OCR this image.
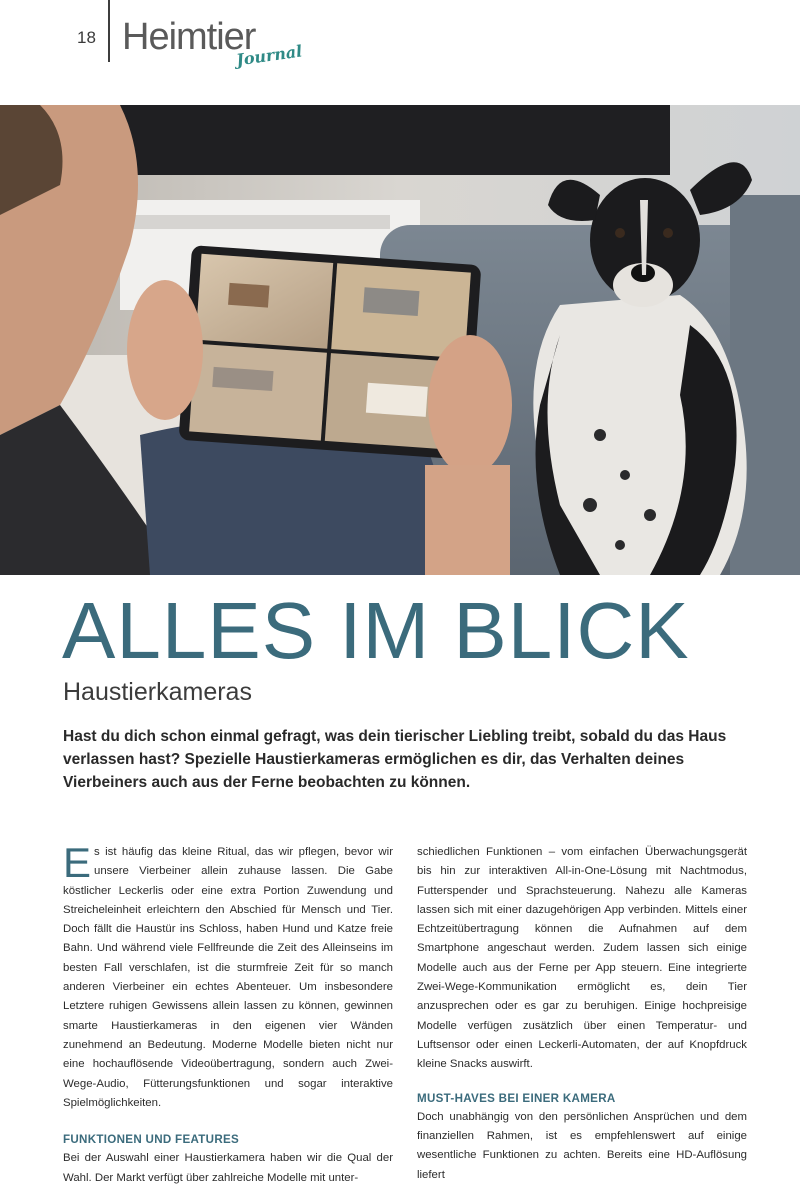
18 Heimtier
Journal
ALLES IM BLICK
Haustierkameras

Hast du dich schon einmal gefragt, was dein tierischer Liebling treibt, sobald du das Haus verlassen hast? Spezielle Haustierkameras ermöglichen es dir, das Verhalten deines Vierbeiners auch aus der Ferne beobachten zu können.

Es ist häufig das kleine Ritual, das wir pflegen, bevor wir unsere Vierbeiner allein zuhause lassen. Die Gabe köstlicher Leckerlis oder eine extra Portion Zuwendung und Streicheleinheit erleichtern den Abschied für Mensch und Tier. Doch fällt die Haustür ins Schloss, haben Hund und Katze freie Bahn. Und während viele Fellfreunde die Zeit des Alleinseins im besten Fall verschlafen, ist die sturmfreie Zeit für so manch anderen Vierbeiner ein echtes Abenteuer. Um insbesondere Letztere ruhigen Gewissens allein lassen zu können, gewinnen smarte Haustierkameras in den eigenen vier Wänden zunehmend an Bedeutung. Moderne Modelle bieten nicht nur eine hochauflösende Videoübertragung, sondern auch Zwei-Wege-Audio, Fütterungsfunktionen und sogar interaktive Spielmöglichkeiten.

FUNKTIONEN UND FEATURES

Bei der Auswahl einer Haustierkamera haben wir die Qual der Wahl. Der Markt verfügt über zahlreiche Modelle mit unter-

schiedlichen Funktionen – vom einfachen Überwachungsgerät bis hin zur interaktiven All-in-One-Lösung mit Nachtmodus, Futterspender und Sprachsteuerung. Nahezu alle Kameras lassen sich mit einer dazugehörigen App verbinden. Mittels einer Echtzeitübertragung können die Aufnahmen auf dem Smartphone angeschaut werden. Zudem lassen sich einige Modelle auch aus der Ferne per App steuern. Eine integrierte Zwei-Wege-Kommunikation ermöglicht es, dein Tier anzusprechen oder es gar zu beruhigen. Einige hochpreisige Modelle verfügen zusätzlich über einen Temperatur- und Luftsensor oder einen Leckerli-Automaten, der auf Knopfdruck kleine Snacks auswirft.

MUST-HAVES BEI EINER KAMERA

Doch unabhängig von den persönlichen Ansprüchen und dem finanziellen Rahmen, ist es empfehlenswert auf einige wesentliche Funktionen zu achten. Bereits eine HD-Auflösung liefert
